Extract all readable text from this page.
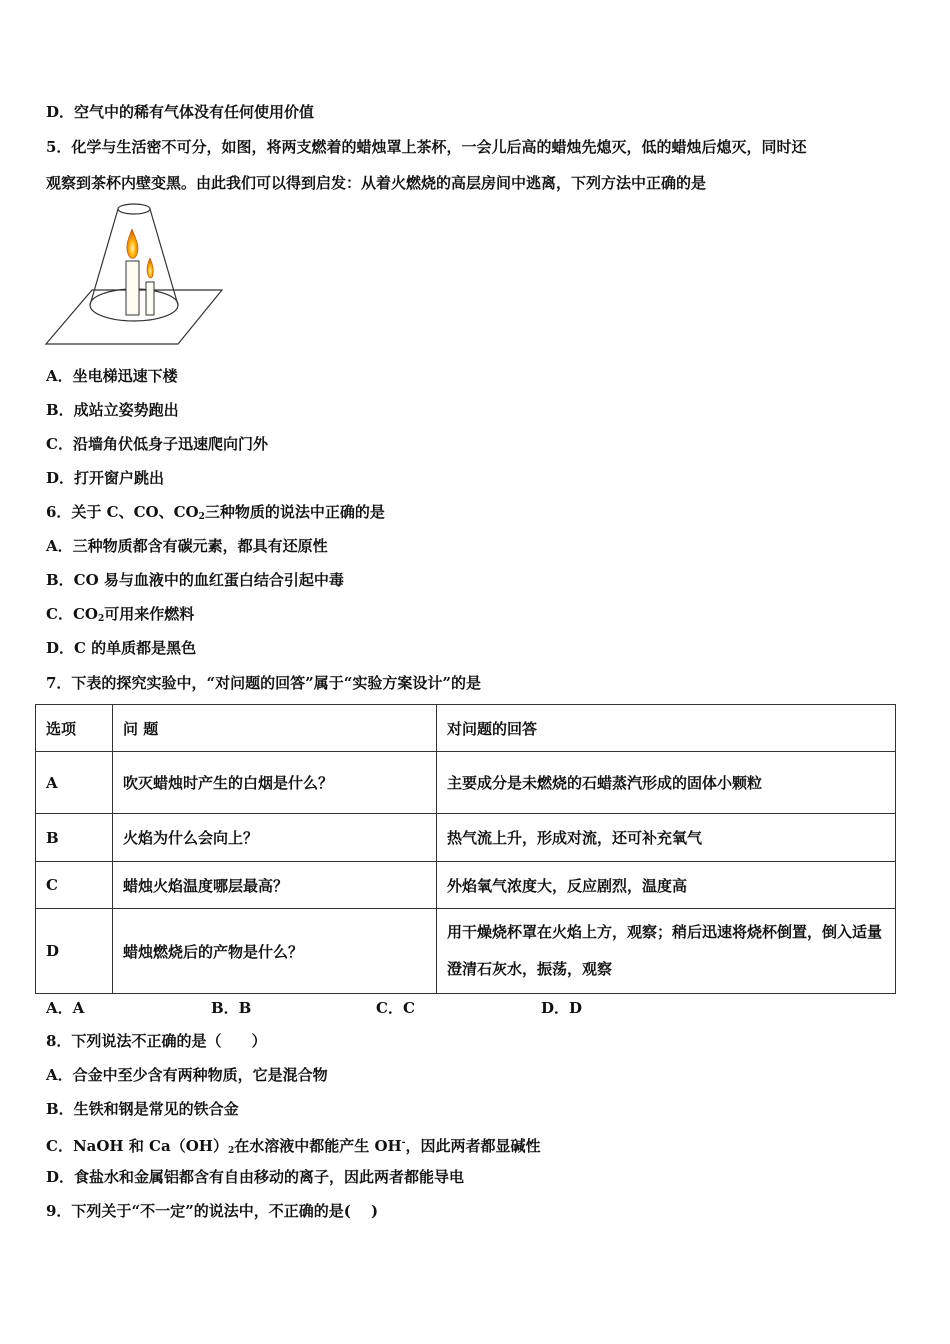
D．空气中的稀有气体没有任何使用价值
5．化学与生活密不可分，如图，将两支燃着的蜡烛罩上茶杯，一会儿后高的蜡烛先熄灭，低的蜡烛后熄灭，同时还
观察到茶杯内壁变黑。由此我们可以得到启发：从着火燃烧的高层房间中逃离，下列方法中正确的是
A．坐电梯迅速下楼
B．成站立姿势跑出
C．沿墙角伏低身子迅速爬向门外
D．打开窗户跳出
6．关于 C、CO、$CO_2$三种物质的说法中正确的是
A．三种物质都含有碳元素，都具有还原性
B．CO 易与血液中的血红蛋白结合引起中毒
C．$CO_2$可用来作燃料
D．C 的单质都是黑色
7．下表的探究实验中，“对问题的回答”属于“实验方案设计”的是
选项	问 题	对问题的回答
A	吹灭蜡烛时产生的白烟是什么？	主要成分是未燃烧的石蜡蒸汽形成的固体小颗粒
B	火焰为什么会向上？	热气流上升，形成对流，还可补充氧气
C	蜡烛火焰温度哪层最高？	外焰氧气浓度大，反应剧烈，温度高
D	蜡烛燃烧后的产物是什么？	用干燥烧杯罩在火焰上方，观察；稍后迅速将烧杯倒置，倒入适量澄清石灰水，振荡，观察
A．A	B．B	C．C	D．D
8．下列说法不正确的是（　　）
A．合金中至少含有两种物质，它是混合物
B．生铁和钢是常见的铁合金
C．NaOH 和 $Ca(OH)_2$在水溶液中都能产生 OH-，因此两者都显碱性
D．食盐水和金属铝都含有自由移动的离子，因此两者都能导电
9．下列关于“不一定”的说法中，不正确的是(　 )
